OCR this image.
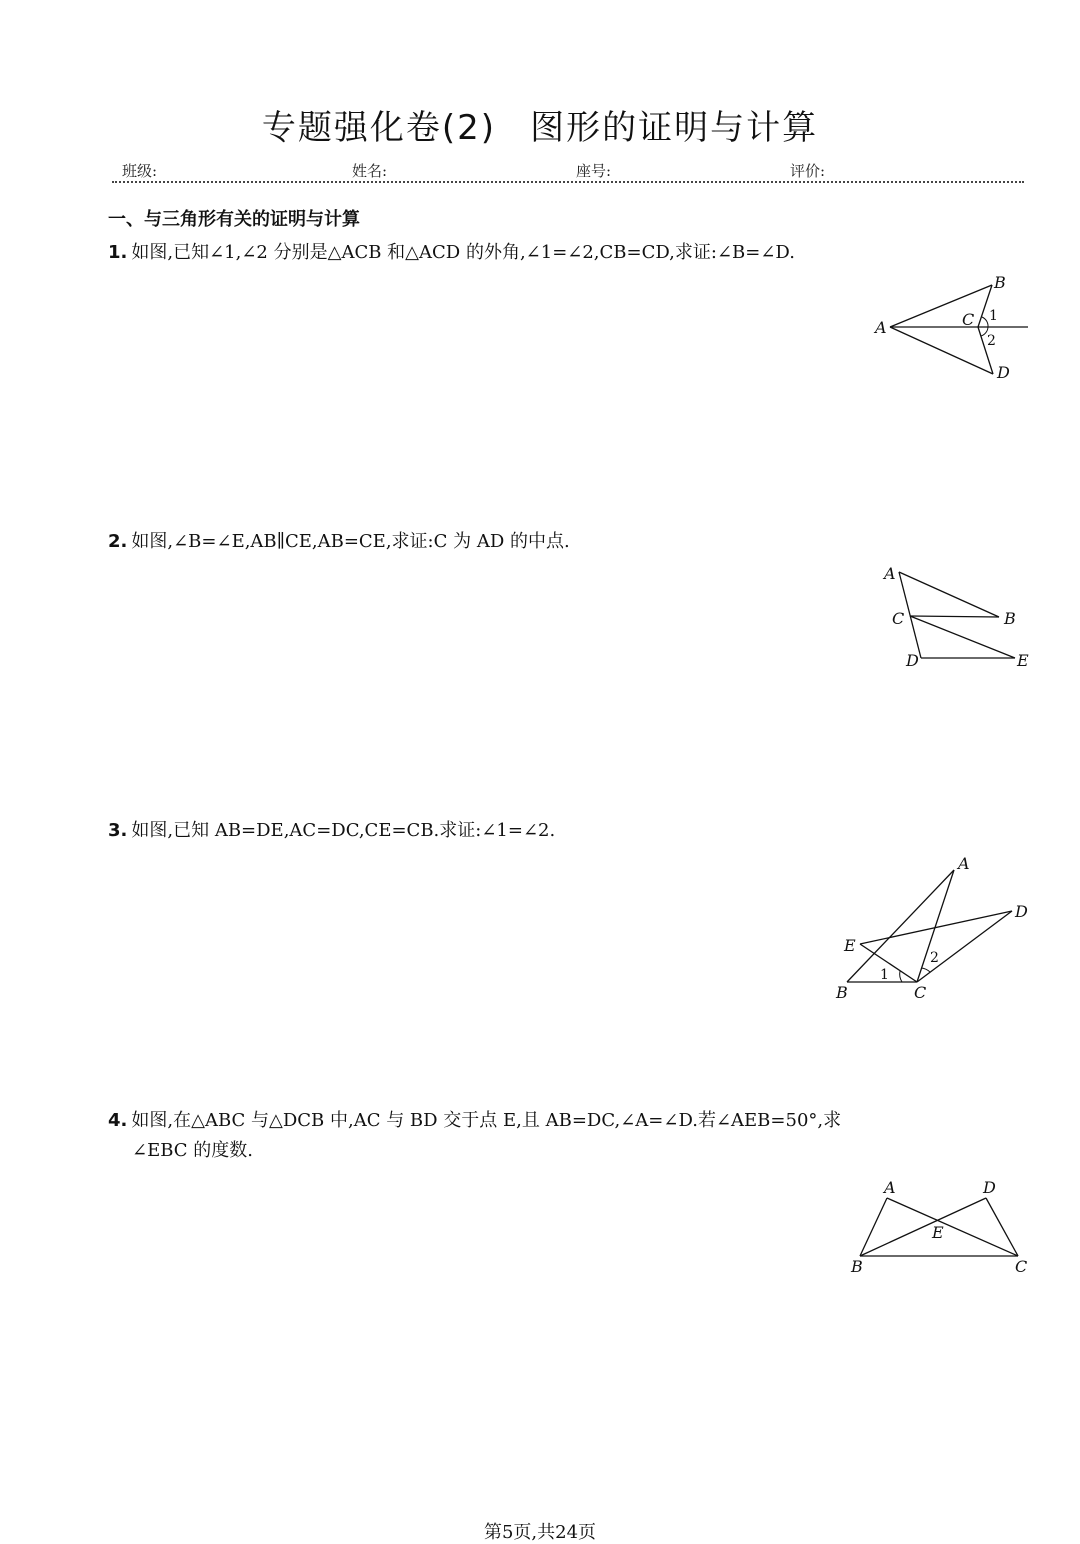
专题强化卷(2) 图形的证明与计算
班级:	姓名:	座号:	评价:
一、与三角形有关的证明与计算
1. 如图,已知∠1,∠2 分别是△ACB 和△ACD 的外角,∠1=∠2,CB=CD,求证:∠B=∠D.
A
B
C
D
1
2
2. 如图,∠B=∠E,AB∥CE,AB=CE,求证:C 为 AD 的中点.
A
B
C
D	E
3. 如图,已知 AB=DE,AC=DC,CE=CB.求证:∠1=∠2.
A
D
E
B	C
1
2
4. 如图,在△ABC 与△DCB 中,AC 与 BD 交于点 E,且 AB=DC,∠A=∠D.若∠AEB=50°,求
∠EBC 的度数.
A	D
E
B	C
第5页,共24页
